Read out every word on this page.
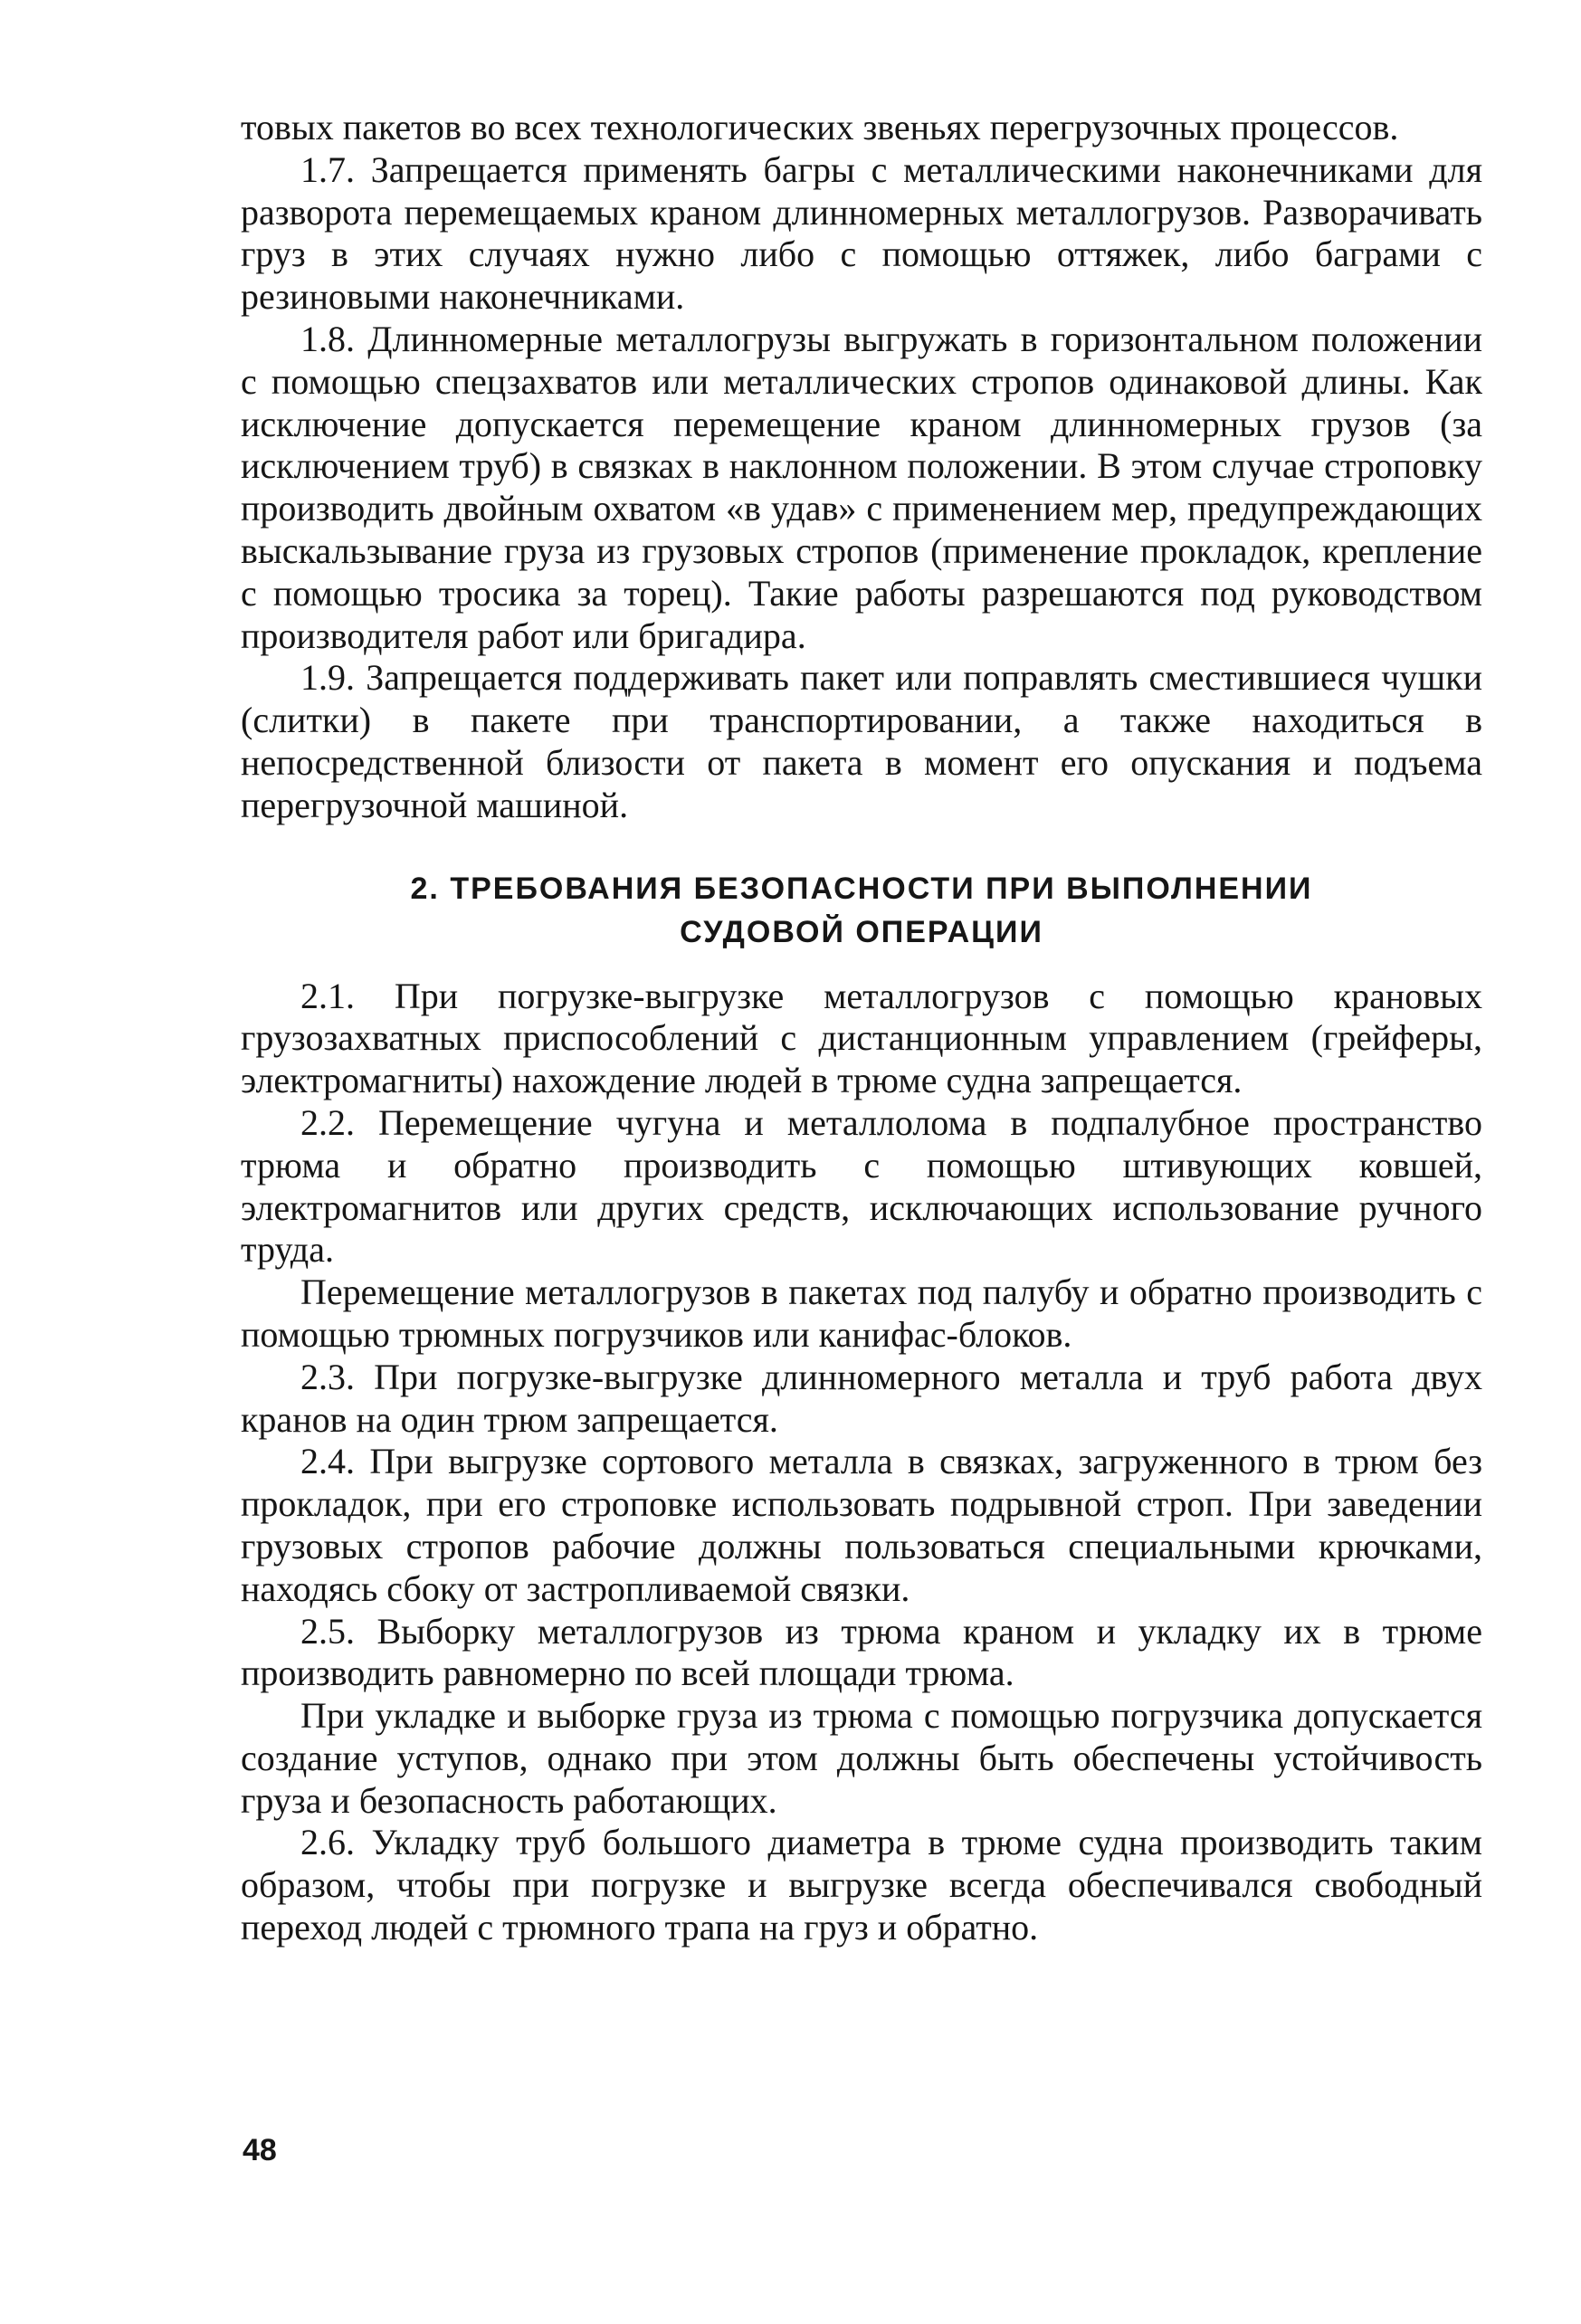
товых пакетов во всех технологических звеньях перегрузочных процессов.

1.7. Запрещается применять багры с металлическими наконечниками для разворота перемещаемых краном длинномерных металлогрузов. Разворачивать груз в этих случаях нужно либо с помощью оттяжек, либо баграми с резиновыми наконечниками.

1.8. Длинномерные металлогрузы выгружать в горизонтальном положении с помощью спецзахватов или металлических стропов одинаковой длины. Как исключение допускается перемещение краном длинномерных грузов (за исключением труб) в связках в наклонном положении. В этом случае строповку производить двойным охватом «в удав» с применением мер, предупреждающих выскальзывание груза из грузовых стропов (применение прокладок, крепление с помощью тросика за торец). Такие работы разрешаются под руководством производителя работ или бригадира.

1.9. Запрещается поддерживать пакет или поправлять сместившиеся чушки (слитки) в пакете при транспортировании, а также находиться в непосредственной близости от пакета в момент его опускания и подъема перегрузочной машиной.

2. ТРЕБОВАНИЯ БЕЗОПАСНОСТИ ПРИ ВЫПОЛНЕНИИ
СУДОВОЙ ОПЕРАЦИИ

2.1. При погрузке-выгрузке металлогрузов с помощью крановых грузозахватных приспособлений с дистанционным управлением (грейферы, электромагниты) нахождение людей в трюме судна запрещается.

2.2. Перемещение чугуна и металлолома в подпалубное пространство трюма и обратно производить с помощью штивующих ковшей, электромагнитов или других средств, исключающих использование ручного труда.

Перемещение металлогрузов в пакетах под палубу и обратно производить с помощью трюмных погрузчиков или канифас-блоков.

2.3. При погрузке-выгрузке длинномерного металла и труб работа двух кранов на один трюм запрещается.

2.4. При выгрузке сортового металла в связках, загруженного в трюм без прокладок, при его строповке использовать подрывной строп. При заведении грузовых стропов рабочие должны пользоваться специальными крючками, находясь сбоку от застропливаемой связки.

2.5. Выборку металлогрузов из трюма краном и укладку их в трюме производить равномерно по всей площади трюма.

При укладке и выборке груза из трюма с помощью погрузчика допускается создание уступов, однако при этом должны быть обеспечены устойчивость груза и безопасность работающих.

2.6. Укладку труб большого диаметра в трюме судна производить таким образом, чтобы при погрузке и выгрузке всегда обеспечивался свободный переход людей с трюмного трапа на груз и обратно.

48
